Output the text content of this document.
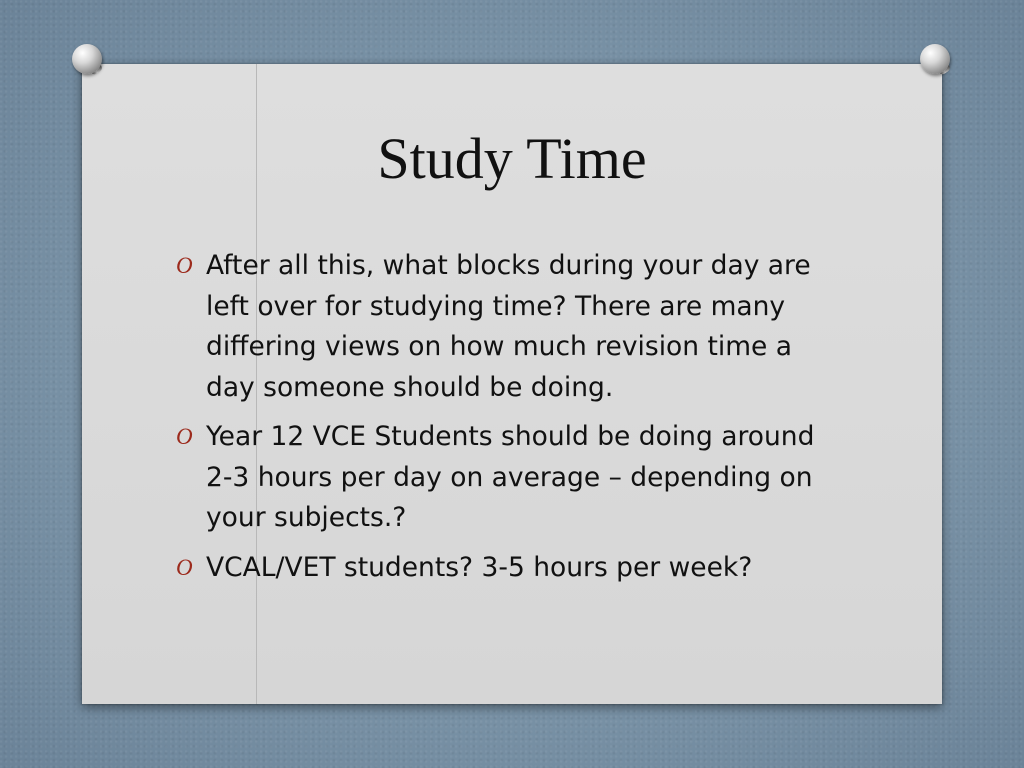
Study Time
O After all this, what blocks during your day are left over for studying time? There are many differing views on how much revision time a day someone should be doing.
O Year 12 VCE Students should be doing around 2-3 hours per day on average – depending on your subjects.?
O VCAL/VET students? 3-5 hours per week?
